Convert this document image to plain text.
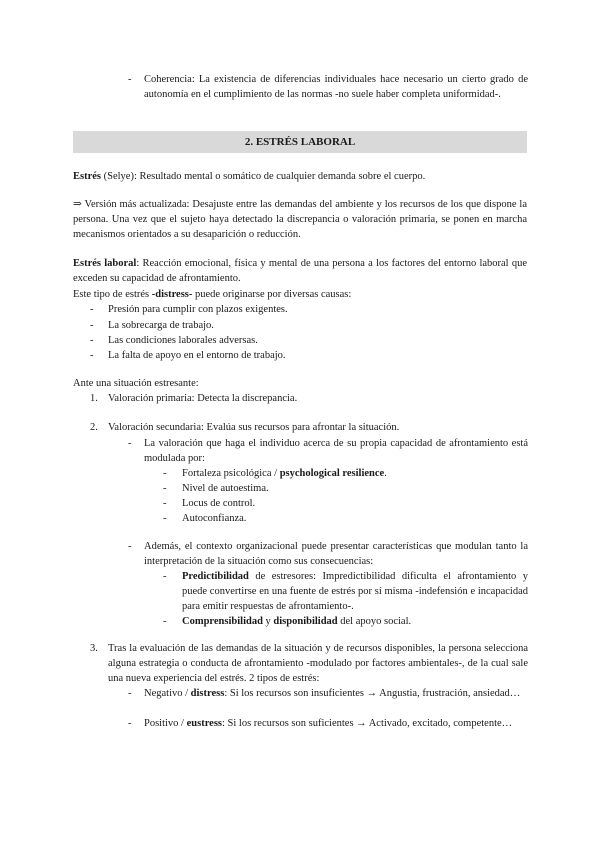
- Coherencia: La existencia de diferencias individuales hace necesario un cierto grado de autonomía en el cumplimiento de las normas -no suele haber completa uniformidad-.
2. ESTRÉS LABORAL
Estrés (Selye): Resultado mental o somático de cualquier demanda sobre el cuerpo.
⇒ Versión más actualizada: Desajuste entre las demandas del ambiente y los recursos de los que dispone la persona. Una vez que el sujeto haya detectado la discrepancia o valoración primaria, se ponen en marcha mecanismos orientados a su desaparición o reducción.
Estrés laboral: Reacción emocional, física y mental de una persona a los factores del entorno laboral que exceden su capacidad de afrontamiento.
Este tipo de estrés -distress- puede originarse por diversas causas:
- Presión para cumplir con plazos exigentes.
- La sobrecarga de trabajo.
- Las condiciones laborales adversas.
- La falta de apoyo en el entorno de trabajo.
Ante una situación estresante:
1. Valoración primaria: Detecta la discrepancia.
2. Valoración secundaria: Evalúa sus recursos para afrontar la situación.
- La valoración que haga el individuo acerca de su propia capacidad de afrontamiento está modulada por:
- Fortaleza psicológica / psychological resilience.
- Nivel de autoestima.
- Locus de control.
- Autoconfianza.
- Además, el contexto organizacional puede presentar características que modulan tanto la interpretación de la situación como sus consecuencias:
- Predictibilidad de estresores: Impredictibilidad dificulta el afrontamiento y puede convertirse en una fuente de estrés por sí misma -indefensión e incapacidad para emitir respuestas de afrontamiento-.
- Comprensibilidad y disponibilidad del apoyo social.
3. Tras la evaluación de las demandas de la situación y de recursos disponibles, la persona selecciona alguna estrategia o conducta de afrontamiento -modulado por factores ambientales-, de la cual sale una nueva experiencia del estrés. 2 tipos de estrés:
- Negativo / distress: Si los recursos son insuficientes → Angustia, frustración, ansiedad…
- Positivo / eustress: Si los recursos son suficientes → Activado, excitado, competente…
